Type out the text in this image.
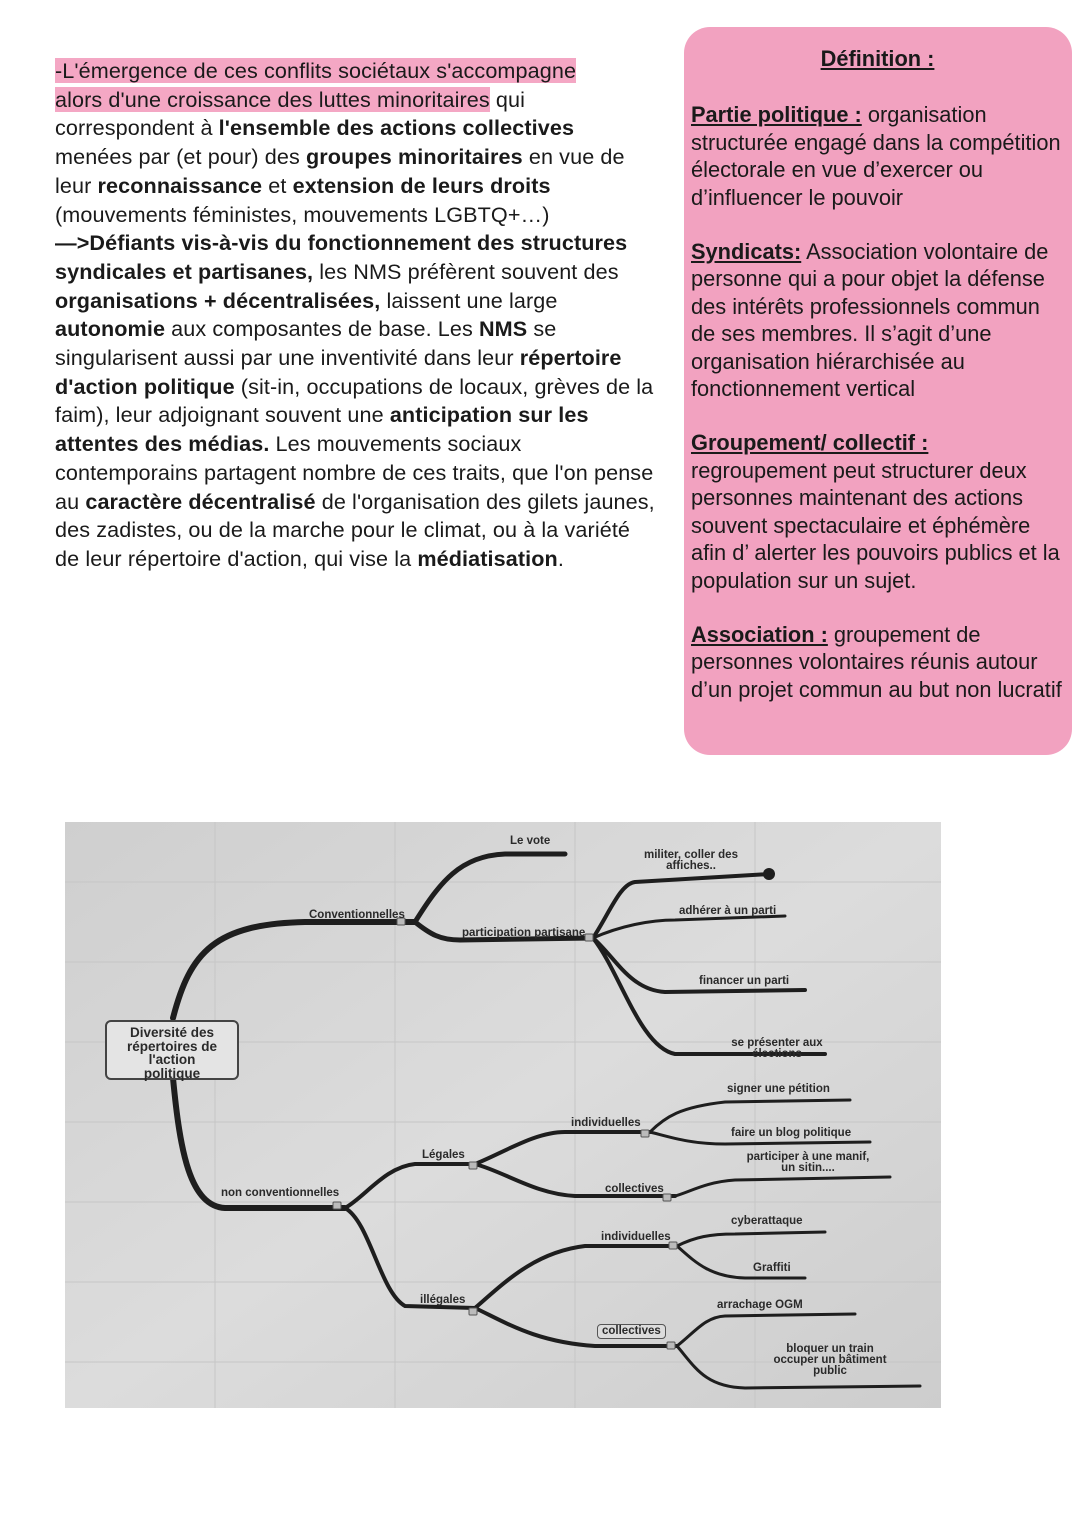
-L'émergence de ces conflits sociétaux s'accompagne
alors d'une croissance des luttes minoritaires qui correspondent à l'ensemble des actions collectives menées par (et pour) des groupes minoritaires en vue de leur reconnaissance et extension de leurs droits (mouvements féministes, mouvements LGBTQ+…)
—>Défiants vis-à-vis du fonctionnement des structures syndicales et partisanes, les NMS préfèrent souvent des organisations + décentralisées, laissent une large autonomie aux composantes de base. Les NMS se singularisent aussi par une inventivité dans leur répertoire d'action politique (sit-in, occupations de locaux, grèves de la faim), leur adjoignant souvent une anticipation sur les attentes des médias. Les mouvements sociaux contemporains partagent nombre de ces traits, que l'on pense au caractère décentralisé de l'organisation des gilets jaunes, des zadistes, ou de la marche pour le climat, ou à la variété de leur répertoire d'action, qui vise la médiatisation.

Définition :

Partie politique : organisation structurée engagé dans la compétition électorale en vue d’exercer ou d’influencer le pouvoir

Syndicats: Association volontaire de personne qui a pour objet la défense des intérêts professionnels commun de ses membres. Il s’agit d’une organisation hiérarchisée au fonctionnement vertical

Groupement/ collectif : regroupement peut structurer deux personnes maintenant des actions souvent spectaculaire et éphémère afin d’ alerter les pouvoirs publics et la population sur un sujet.

Association : groupement de personnes volontaires réunis autour d’un projet commun au but non lucratif

Diversité des
répertoires de
l'action
politique
Conventionnelles
Le vote
participation partisane
militer, coller des
affiches..
adhérer à un parti
financer un parti
se présenter aux
élections
non conventionnelles
Légales
individuelles
signer une pétition
faire un blog politique
collectives
participer à une manif,
un sitin....
illégales
individuelles
cyberattaque
Graffiti
collectives
arrachage OGM
bloquer un train
occuper un bâtiment
public
